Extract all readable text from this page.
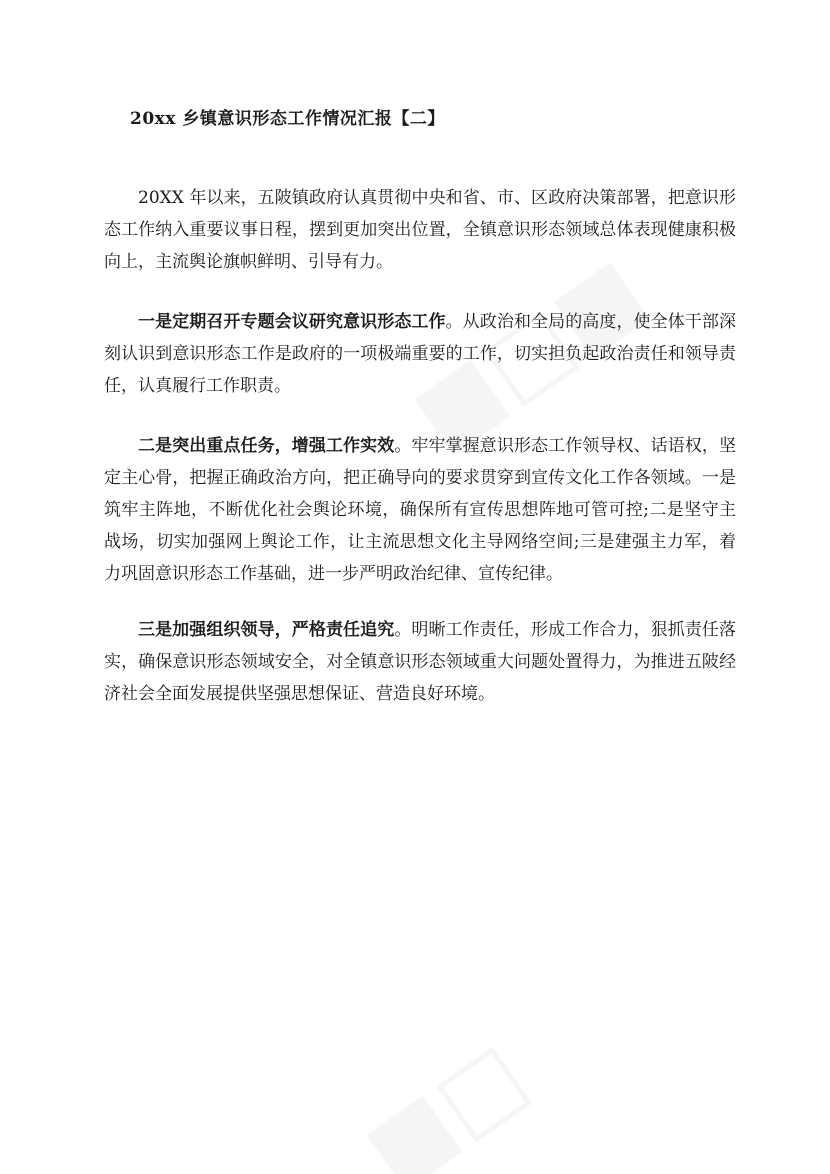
20xx 乡镇意识形态工作情况汇报【二】

20XX 年以来，五陂镇政府认真贯彻中央和省、市、区政府决策部署，把意识形态工作纳入重要议事日程，摆到更加突出位置，全镇意识形态领域总体表现健康积极向上，主流舆论旗帜鲜明、引导有力。

一是定期召开专题会议研究意识形态工作。从政治和全局的高度，使全体干部深刻认识到意识形态工作是政府的一项极端重要的工作，切实担负起政治责任和领导责任，认真履行工作职责。

二是突出重点任务，增强工作实效。牢牢掌握意识形态工作领导权、话语权，坚定主心骨，把握正确政治方向，把正确导向的要求贯穿到宣传文化工作各领域。一是筑牢主阵地，不断优化社会舆论环境，确保所有宣传思想阵地可管可控;二是坚守主战场，切实加强网上舆论工作，让主流思想文化主导网络空间;三是建强主力军，着力巩固意识形态工作基础，进一步严明政治纪律、宣传纪律。

三是加强组织领导，严格责任追究。明晰工作责任，形成工作合力，狠抓责任落实，确保意识形态领域安全，对全镇意识形态领域重大问题处置得力，为推进五陂经济社会全面发展提供坚强思想保证、营造良好环境。
